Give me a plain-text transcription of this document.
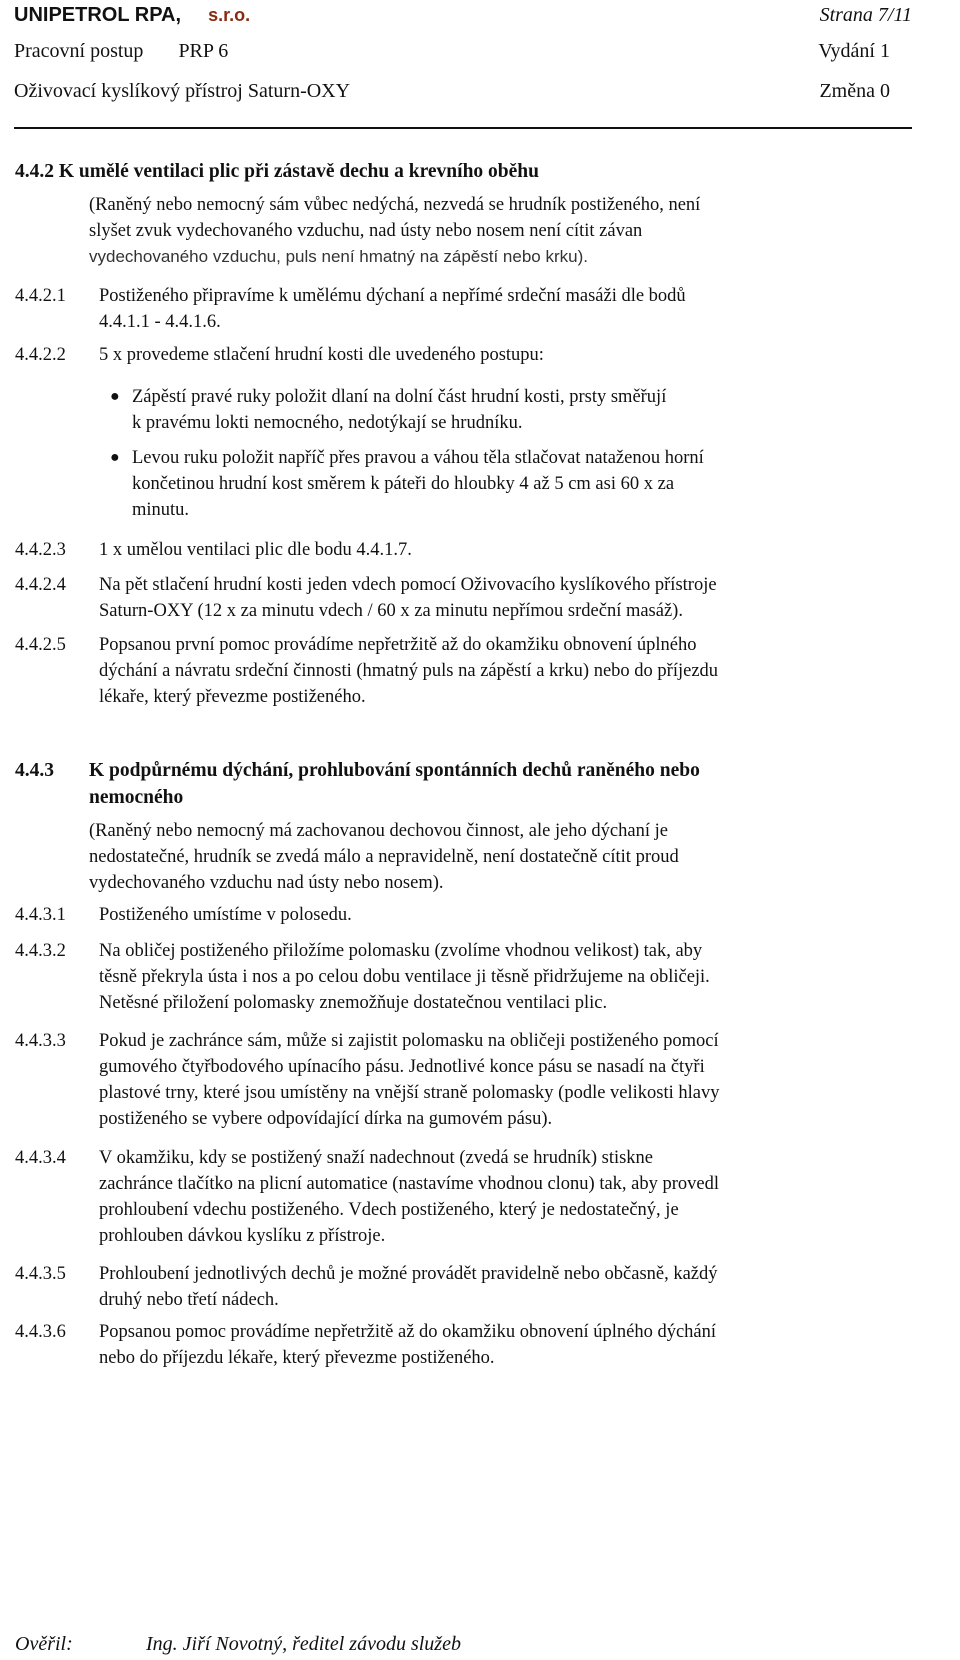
UNIPETROL RPA, s.r.o.	Strana 7/11
Pracovní postup PRP 6	Vydání 1
Oživovací kyslíkový přístroj Saturn-OXY	Změna 0
4.4.2 K umělé ventilaci plic při zástavě dechu a krevního oběhu
(Raněný nebo nemocný sám vůbec nedýchá, nezvedá se hrudník postiženého, není
slyšet zvuk vydechovaného vzduchu, nad ústy nebo nosem není cítit závan
vydechovaného vzduchu, puls není hmatný na zápěstí nebo krku).
4.4.2.1 Postiženého připravíme k umělému dýchaní a nepřímé srdeční masáži dle bodů
4.4.1.1 - 4.4.1.6.
4.4.2.2 5 x provedeme stlačení hrudní kosti dle uvedeného postupu:
● Zápěstí pravé ruky položit dlaní na dolní část hrudní kosti, prsty směřují
k pravému lokti nemocného, nedotýkají se hrudníku.
● Levou ruku položit napříč přes pravou a váhou těla stlačovat nataženou horní
končetinou hrudní kost směrem k páteři do hloubky 4 až 5 cm asi 60 x za
minutu.
4.4.2.3 1 x umělou ventilaci plic dle bodu 4.4.1.7.
4.4.2.4 Na pět stlačení hrudní kosti jeden vdech pomocí Oživovacího kyslíkového přístroje
Saturn-OXY (12 x za minutu vdech / 60 x za minutu nepřímou srdeční masáž).
4.4.2.5 Popsanou první pomoc provádíme nepřetržitě až do okamžiku obnovení úplného
dýchání a návratu srdeční činnosti (hmatný puls na zápěstí a krku) nebo do příjezdu
lékaře, který převezme postiženého.
4.4.3 K podpůrnému dýchání, prohlubování spontánních dechů raněného nebo
nemocného
(Raněný nebo nemocný má zachovanou dechovou činnost, ale jeho dýchaní je
nedostatečné, hrudník se zvedá málo a nepravidelně, není dostatečně cítit proud
vydechovaného vzduchu nad ústy nebo nosem).
4.4.3.1 Postiženého umístíme v polosedu.
4.4.3.2 Na obličej postiženého přiložíme polomasku (zvolíme vhodnou velikost) tak, aby
těsně překryla ústa i nos a po celou dobu ventilace ji těsně přidržujeme na obličeji.
Netěsné přiložení polomasky znemožňuje dostatečnou ventilaci plic.
4.4.3.3 Pokud je zachránce sám, může si zajistit polomasku na obličeji postiženého pomocí
gumového čtyřbodového upínacího pásu. Jednotlivé konce pásu se nasadí na čtyři
plastové trny, které jsou umístěny na vnější straně polomasky (podle velikosti hlavy
postiženého se vybere odpovídající dírka na gumovém pásu).
4.4.3.4 V okamžiku, kdy se postižený snaží nadechnout (zvedá se hrudník) stiskne
zachránce tlačítko na plicní automatice (nastavíme vhodnou clonu) tak, aby provedl
prohloubení vdechu postiženého. Vdech postiženého, který je nedostatečný, je
prohlouben dávkou kyslíku z přístroje.
4.4.3.5 Prohloubení jednotlivých dechů je možné provádět pravidelně nebo občasně, každý
druhý nebo třetí nádech.
4.4.3.6 Popsanou pomoc provádíme nepřetržitě až do okamžiku obnovení úplného dýchání
nebo do příjezdu lékaře, který převezme postiženého.
Ověřil:	Ing. Jiří Novotný, ředitel závodu služeb
